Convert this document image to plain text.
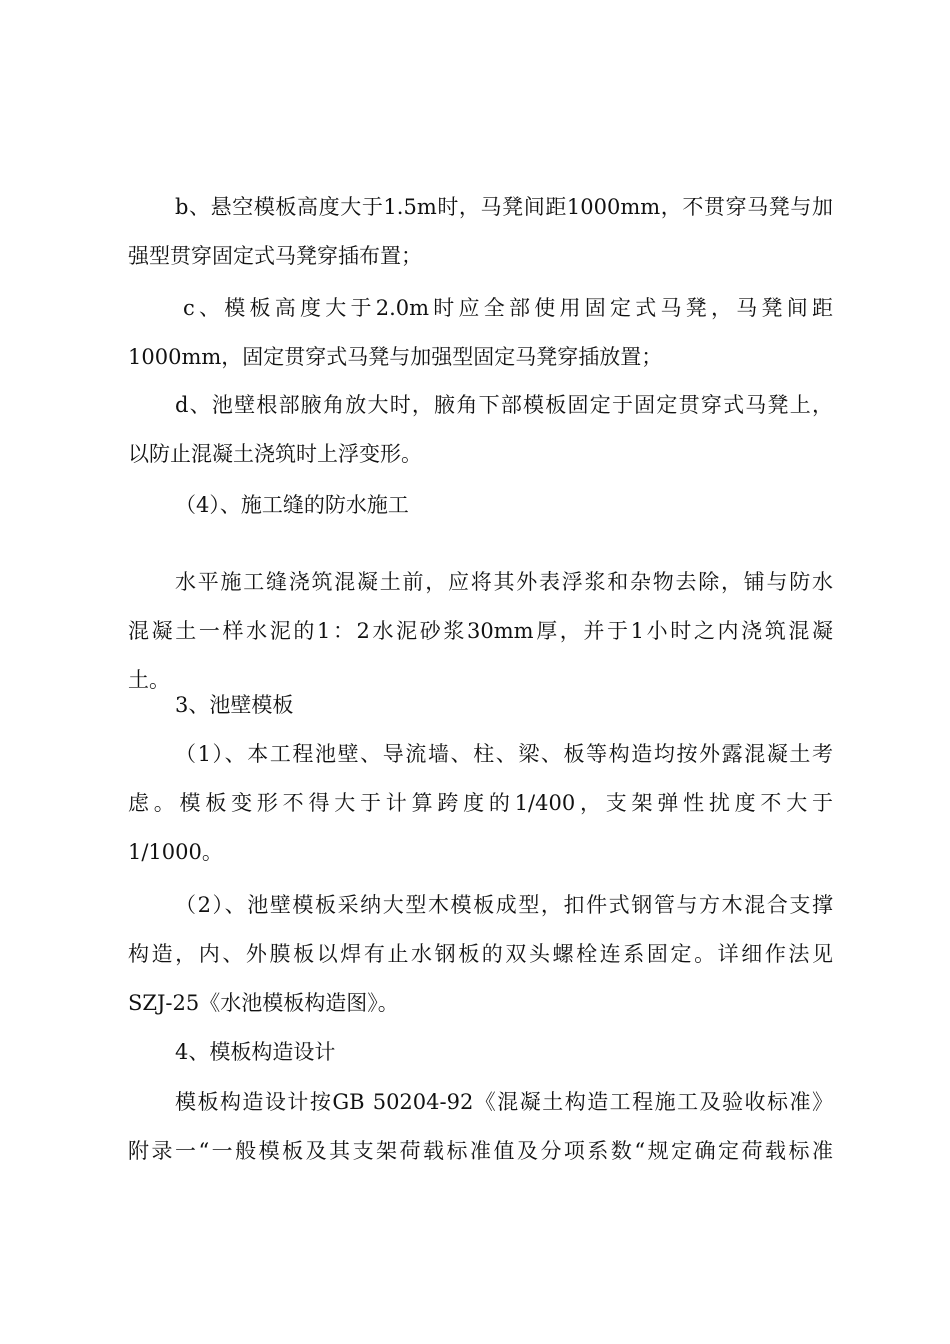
b、悬空模板高度大于1.5m时，马凳间距1000mm，不贯穿马凳与加
强型贯穿固定式马凳穿插布置；
c、模板高度大于2.0m时应全部使用固定式马凳，马凳间距
1000mm，固定贯穿式马凳与加强型固定马凳穿插放置；
d、池壁根部腋角放大时，腋角下部模板固定于固定贯穿式马凳上，
以防止混凝土浇筑时上浮变形。
（4）、施工缝的防水施工
水平施工缝浇筑混凝土前，应将其外表浮浆和杂物去除，铺与防水
混凝土一样水泥的1：2水泥砂浆30mm厚，并于1小时之内浇筑混凝
土。
3、池壁模板
（1）、本工程池壁、导流墙、柱、梁、板等构造均按外露混凝土考
虑。模板变形不得大于计算跨度的1/400，支架弹性扰度不大于
1/1000。
（2）、池壁模板采纳大型木模板成型，扣件式钢管与方木混合支撑
构造，内、外膜板以焊有止水钢板的双头螺栓连系固定。详细作法见
SZJ-25《水池模板构造图》。
4、模板构造设计
模板构造设计按GB 50204-92《混凝土构造工程施工及验收标准》
附录一“一般模板及其支架荷载标准值及分项系数“规定确定荷载标准
